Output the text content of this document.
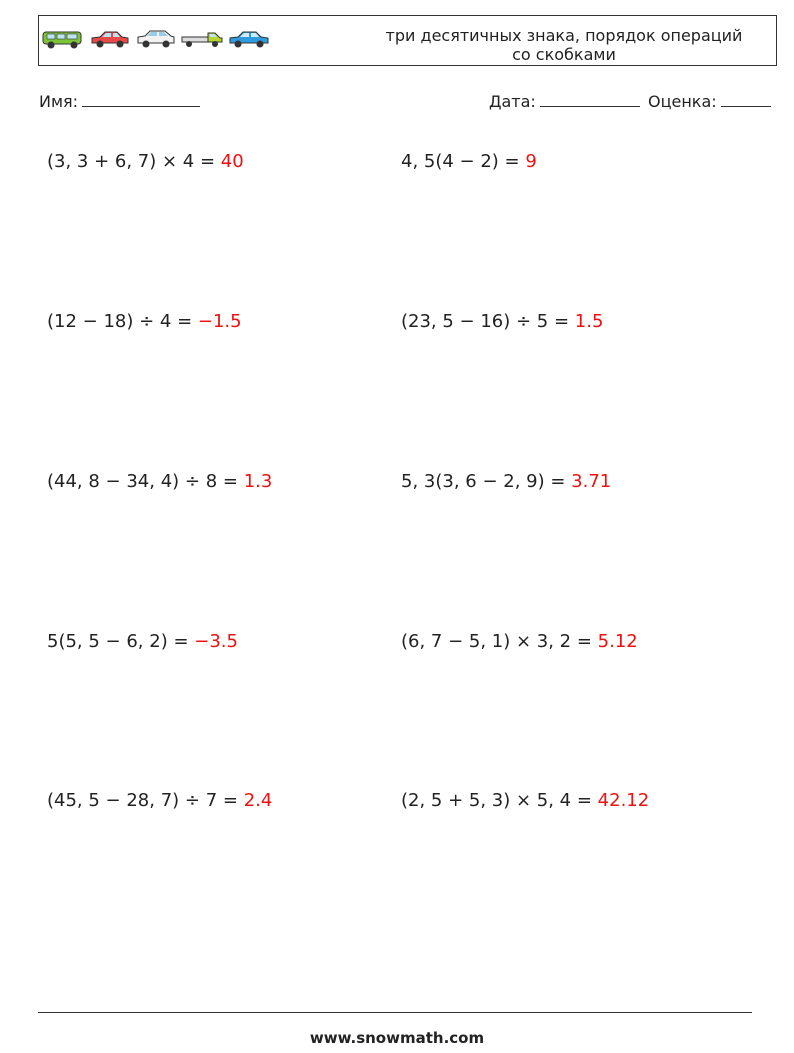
три десятичных знака, порядок операций
со скобками
Имя:	Дата:	Оценка:
(3, 3 + 6, 7) × 4 = 40	4, 5(4 − 2) = 9
(12 − 18) ÷ 4 = −1.5	(23, 5 − 16) ÷ 5 = 1.5
(44, 8 − 34, 4) ÷ 8 = 1.3	5, 3(3, 6 − 2, 9) = 3.71
5(5, 5 − 6, 2) = −3.5	(6, 7 − 5, 1) × 3, 2 = 5.12
(45, 5 − 28, 7) ÷ 7 = 2.4	(2, 5 + 5, 3) × 5, 4 = 42.12
www.snowmath.com
